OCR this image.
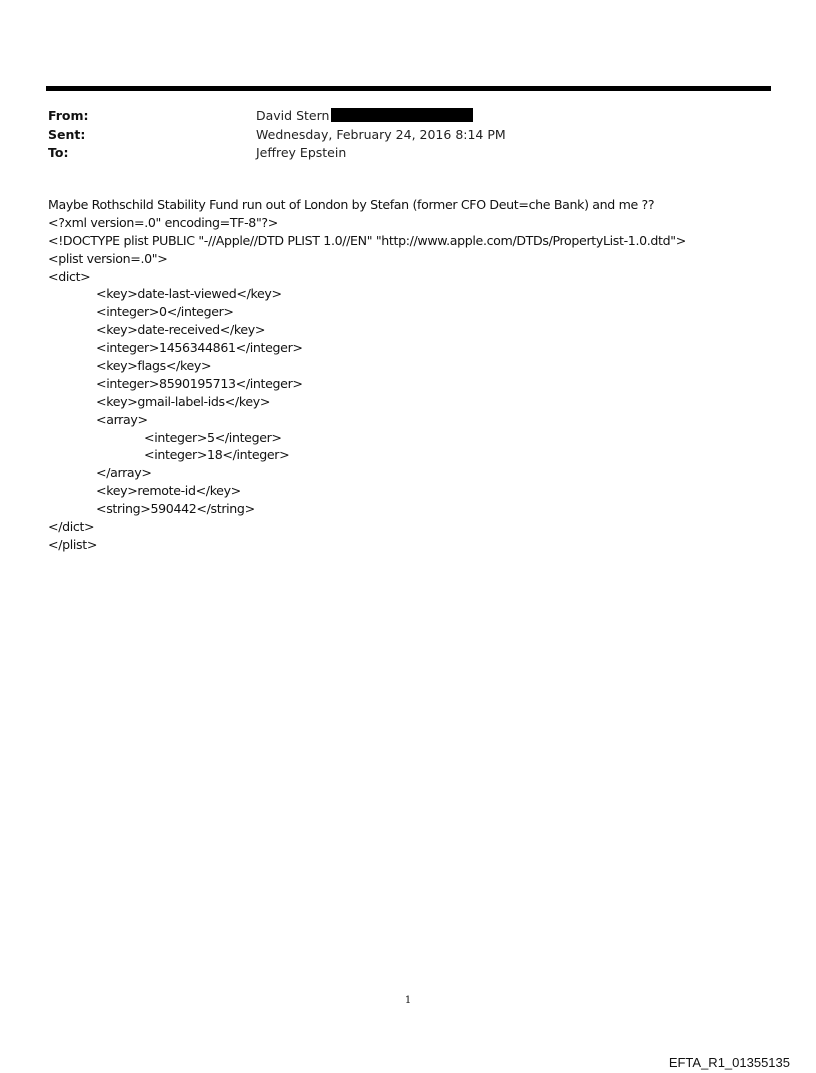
From:	David Stern
Sent:	Wednesday, February 24, 2016 8:14 PM
To:	Jeffrey Epstein
Maybe Rothschild Stability Fund run out of London by Stefan (former CFO Deut=che Bank) and me ??
<?xml version=.0" encoding=TF-8"?>
<!DOCTYPE plist PUBLIC "-//Apple//DTD PLIST 1.0//EN" "http://www.apple.com/DTDs/PropertyList-1.0.dtd">
<plist version=.0">
<dict>
<key>date-last-viewed</key>
<integer>0</integer>
<key>date-received</key>
<integer>1456344861</integer>
<key>flags</key>
<integer>8590195713</integer>
<key>gmail-label-ids</key>
<array>
<integer>5</integer>
<integer>18</integer>
</array>
<key>remote-id</key>
<string>590442</string>
</dict>
</plist>
1
EFTA_R1_01355135
